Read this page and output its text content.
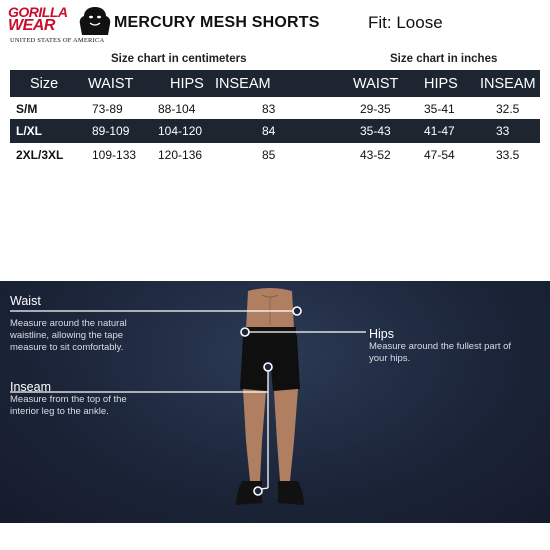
GORILLA
WEAR
UNITED STATES OF AMERICA
MERCURY MESH SHORTS	Fit: Loose
Size chart in centimeters	Size chart in inches
Size WAIST	HIPS INSEAM	WAIST HIPS INSEAM
S/M	73-89	88-104	83	29-35	35-41	32.5
L/XL	89-109 104-120	84	35-43	41-47	33
2XL/3XL 109-133 120-136	85	43-52	47-54	33.5
Waist
Measure around the natural
waistline, allowing the tape
measure to sit comfortably.
Hips
Measure around the fullest part of
your hips.
Inseam
Measure from the top of the
interior leg to the ankle.
